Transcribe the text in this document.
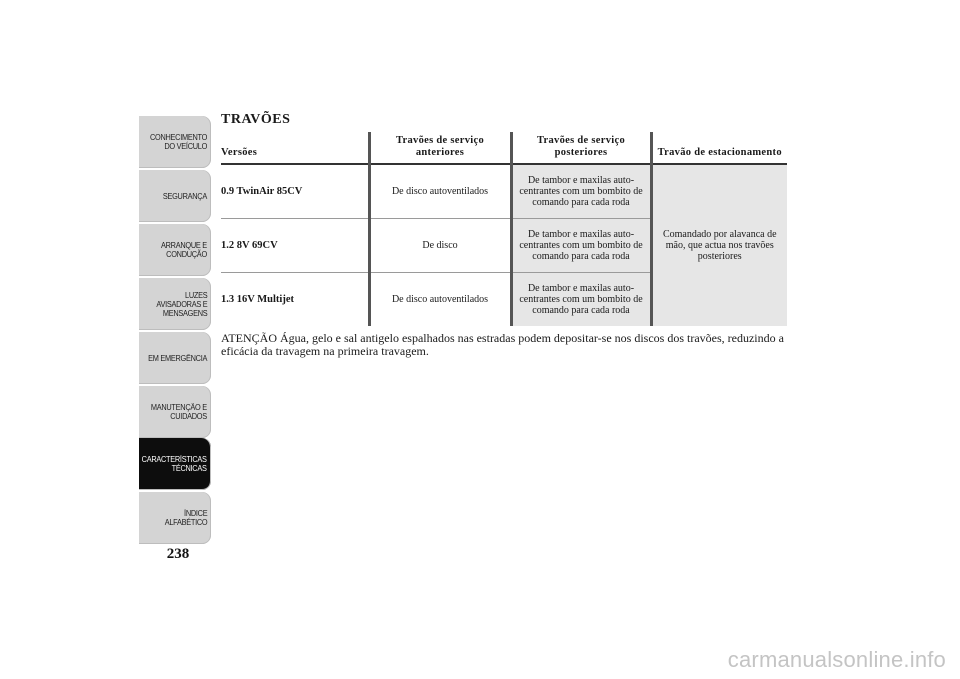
CONHECIMENTO
DO VEÍCULO
SEGURANÇA
ARRANQUE E
CONDUÇÃO
LUZES
AVISADORAS E
MENSAGENS
EM EMERGÊNCIA
MANUTENÇÃO E
CUIDADOS
CARACTERÍSTICAS
TÉCNICAS
ÍNDICE
ALFABÉTICO
238
TRAVÕES
Versões	Travões de serviço anteriores	Travões de serviço posteriores	Travão de estacionamento
0.9 TwinAir 85CV	De disco autoventilados	De tambor e maxilas auto-centrantes com um bombito de comando para cada roda	Comandado por alavanca de mão, que actua nos travões posteriores
1.2 8V 69CV	De disco	De tambor e maxilas auto-centrantes com um bombito de comando para cada roda	
1.3 16V Multijet	De disco autoventilados	De tambor e maxilas auto-centrantes com um bombito de comando para cada roda	

ATENÇÃO Água, gelo e sal antigelo espalhados nas estradas podem depositar-se nos discos dos travões, reduzindo a eficácia da travagem na primeira travagem.

carmanualsonline.info
